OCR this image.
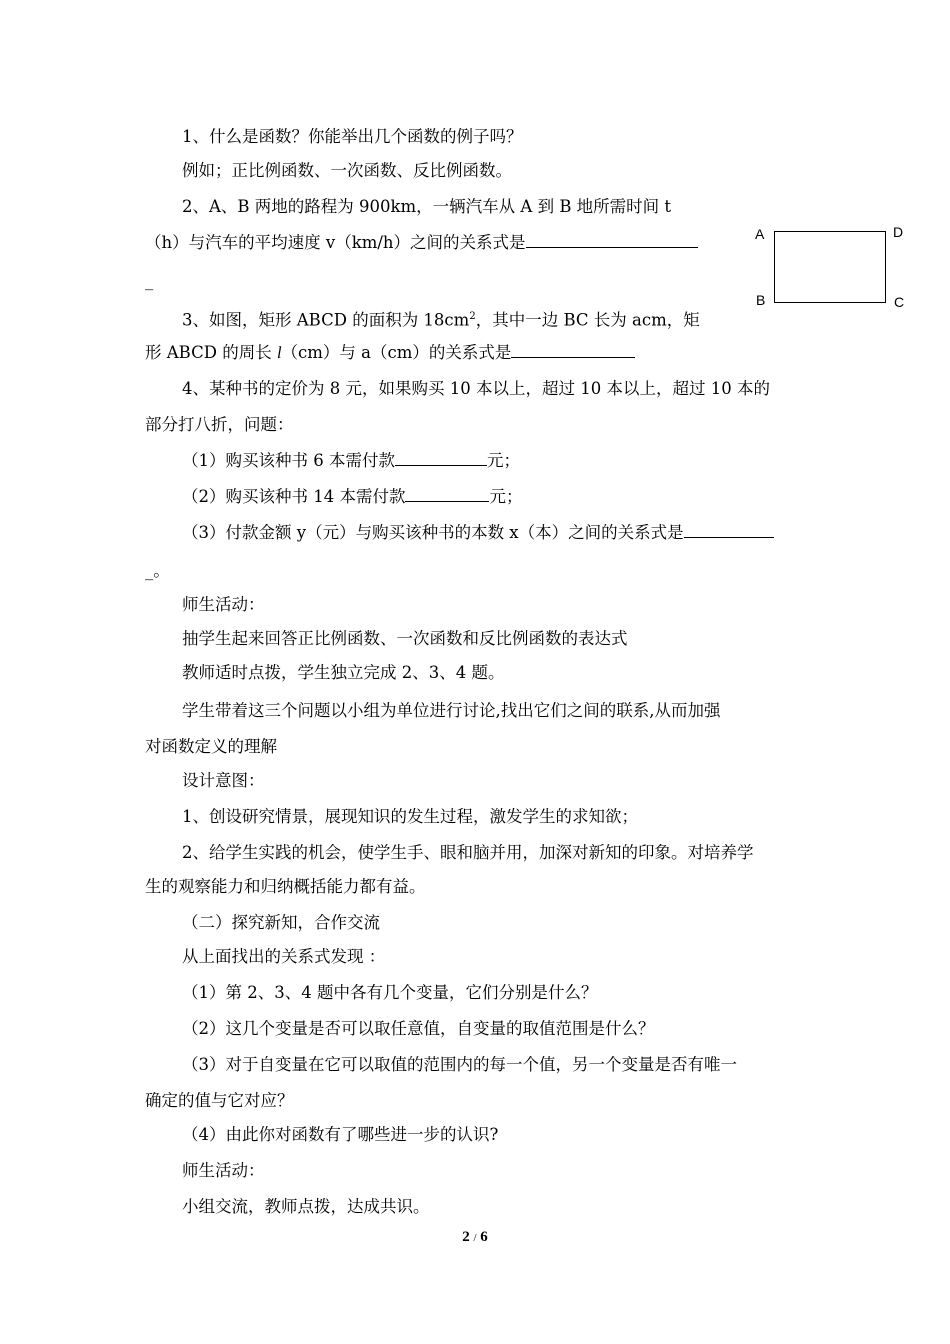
1、什么是函数？你能举出几个函数的例子吗？
例如；正比例函数、一次函数、反比例函数。
2、A、B 两地的路程为 900km，一辆汽车从 A 到 B 地所需时间 t
（h）与汽车的平均速度 v（km/h）之间的关系式是
_
A	D
B	C
3、如图，矩形 ABCD 的面积为 $18cm^2$，其中一边 BC 长为 acm，矩
形 ABCD 的周长 l（cm）与 a（cm）的关系式是
4、某种书的定价为 8 元，如果购买 10 本以上，超过 10 本以上，超过 10 本的
部分打八折，问题：
（1）购买该种书 6 本需付款	元；
（2）购买该种书 14 本需付款	元；
（3）付款金额 y（元）与购买该种书的本数 x（本）之间的关系式是
_。
师生活动：
抽学生起来回答正比例函数、一次函数和反比例函数的表达式
教师适时点拨，学生独立完成 2、3、4 题。
学生带着这三个问题以小组为单位进行讨论,找出它们之间的联系,从而加强
对函数定义的理解
设计意图：
1、创设研究情景，展现知识的发生过程，激发学生的求知欲；
2、给学生实践的机会，使学生手、眼和脑并用，加深对新知的印象。对培养学
生的观察能力和归纳概括能力都有益。
（二）探究新知，合作交流
从上面找出的关系式发现 ：
（1）第 2、3、4 题中各有几个变量，它们分别是什么？
（2）这几个变量是否可以取任意值，自变量的取值范围是什么？
（3）对于自变量在它可以取值的范围内的每一个值，另一个变量是否有唯一
确定的值与它对应？
（4）由此你对函数有了哪些进一步的认识?
师生活动：
小组交流，教师点拨，达成共识。
2 / 6
